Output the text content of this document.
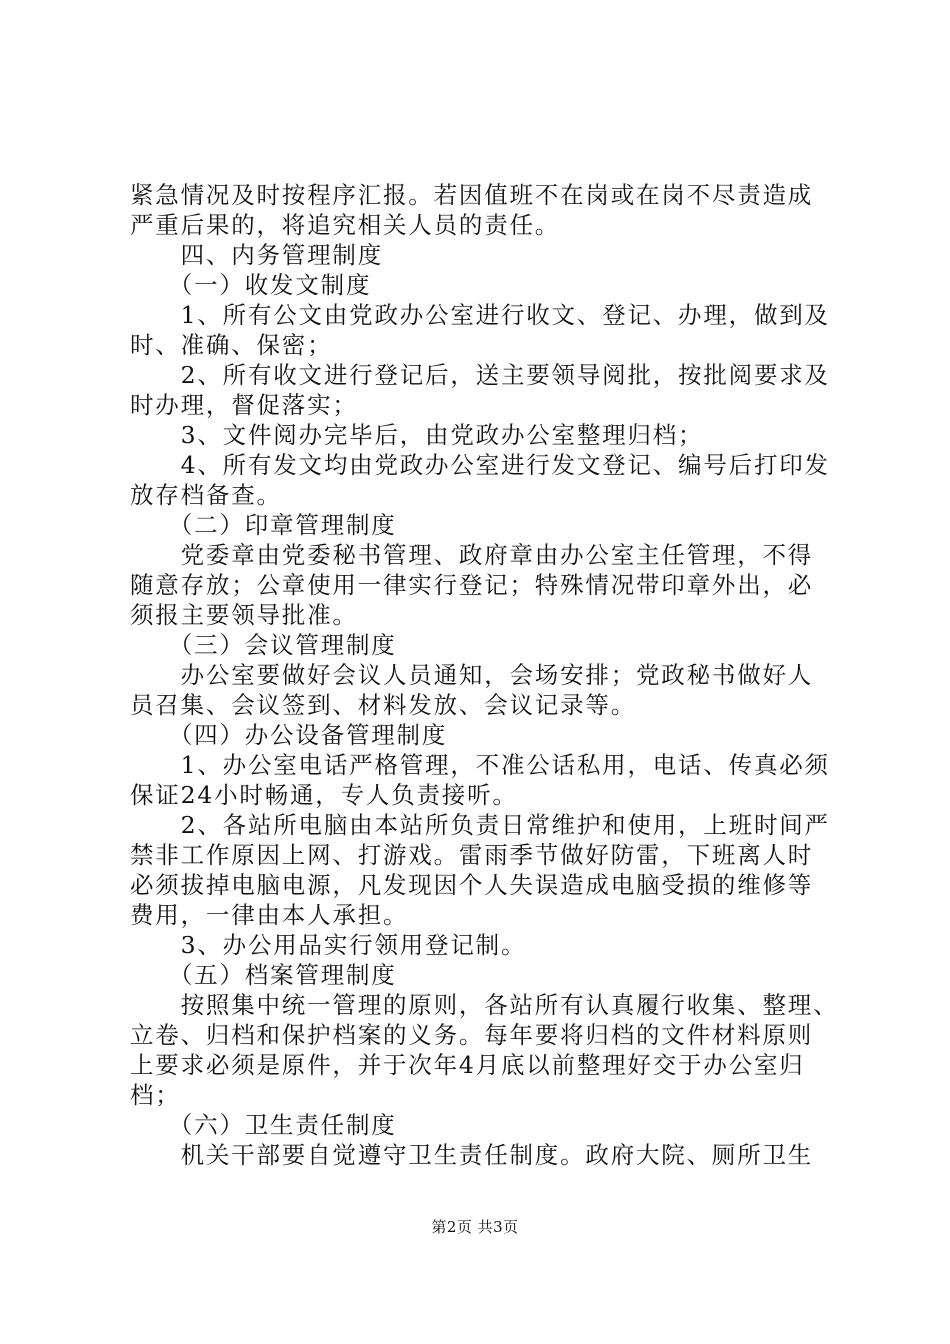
紧急情况及时按程序汇报。若因值班不在岗或在岗不尽责造成
严重后果的，将追究相关人员的责任。
　　四、内务管理制度
　　（一）收发文制度
　　1、所有公文由党政办公室进行收文、登记、办理，做到及
时、准确、保密；
　　2、所有收文进行登记后，送主要领导阅批，按批阅要求及
时办理，督促落实；
　　3、文件阅办完毕后，由党政办公室整理归档；
　　4、所有发文均由党政办公室进行发文登记、编号后打印发
放存档备查。
　　（二）印章管理制度
　　党委章由党委秘书管理、政府章由办公室主任管理，不得
随意存放；公章使用一律实行登记；特殊情况带印章外出，必
须报主要领导批准。
　　（三）会议管理制度
　　办公室要做好会议人员通知，会场安排；党政秘书做好人
员召集、会议签到、材料发放、会议记录等。
　　（四）办公设备管理制度
　　1、办公室电话严格管理，不准公话私用，电话、传真必须
保证24小时畅通，专人负责接听。
　　2、各站所电脑由本站所负责日常维护和使用，上班时间严
禁非工作原因上网、打游戏。雷雨季节做好防雷，下班离人时
必须拔掉电脑电源，凡发现因个人失误造成电脑受损的维修等
费用，一律由本人承担。
　　3、办公用品实行领用登记制。
　　（五）档案管理制度
　　按照集中统一管理的原则，各站所有认真履行收集、整理、
立卷、归档和保护档案的义务。每年要将归档的文件材料原则
上要求必须是原件，并于次年4月底以前整理好交于办公室归
档；
　　（六）卫生责任制度
　　机关干部要自觉遵守卫生责任制度。政府大院、厕所卫生
第2页 共3页
